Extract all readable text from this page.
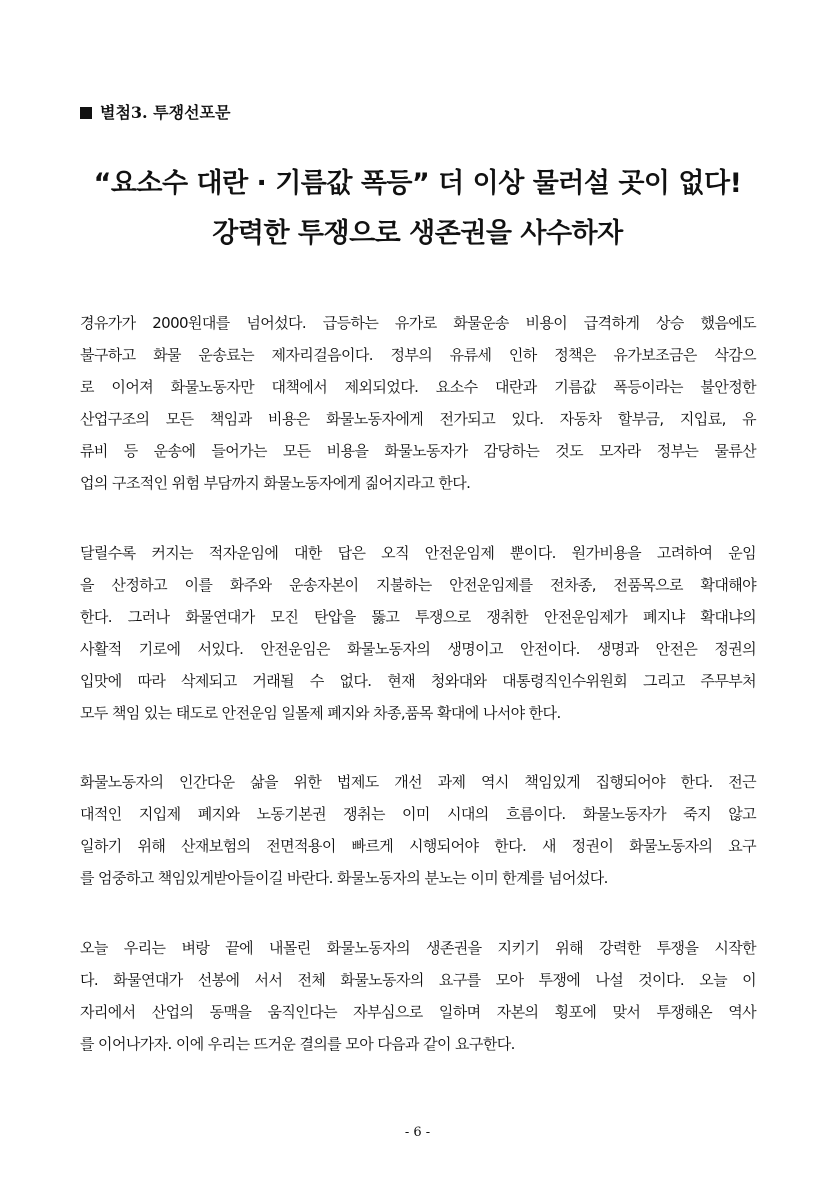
별첨3. 투쟁선포문
“요소수 대란 · 기름값 폭등” 더 이상 물러설 곳이 없다!
강력한 투쟁으로 생존권을 사수하자
경유가가 2000원대를 넘어섰다. 급등하는 유가로 화물운송 비용이 급격하게 상승 했음에도
불구하고 화물 운송료는 제자리걸음이다. 정부의 유류세 인하 정책은 유가보조금은 삭감으
로 이어져 화물노동자만 대책에서 제외되었다. 요소수 대란과 기름값 폭등이라는 불안정한
산업구조의 모든 책임과 비용은 화물노동자에게 전가되고 있다. 자동차 할부금, 지입료, 유
류비 등 운송에 들어가는 모든 비용을 화물노동자가 감당하는 것도 모자라 정부는 물류산
업의 구조적인 위험 부담까지 화물노동자에게 짊어지라고 한다.
달릴수록 커지는 적자운임에 대한 답은 오직 안전운임제 뿐이다. 원가비용을 고려하여 운임
을 산정하고 이를 화주와 운송자본이 지불하는 안전운임제를 전차종, 전품목으로 확대해야
한다. 그러나 화물연대가 모진 탄압을 뚫고 투쟁으로 쟁취한 안전운임제가 폐지냐 확대냐의
사활적 기로에 서있다. 안전운임은 화물노동자의 생명이고 안전이다. 생명과 안전은 정권의
입맛에 따라 삭제되고 거래될 수 없다. 현재 청와대와 대통령직인수위원회 그리고 주무부처
모두 책임 있는 태도로 안전운임 일몰제 폐지와 차종,품목 확대에 나서야 한다.
화물노동자의 인간다운 삶을 위한 법제도 개선 과제 역시 책임있게 집행되어야 한다. 전근
대적인 지입제 폐지와 노동기본권 쟁취는 이미 시대의 흐름이다. 화물노동자가 죽지 않고
일하기 위해 산재보험의 전면적용이 빠르게 시행되어야 한다. 새 정권이 화물노동자의 요구
를 엄중하고 책임있게받아들이길 바란다. 화물노동자의 분노는 이미 한계를 넘어섰다.
오늘 우리는 벼랑 끝에 내몰린 화물노동자의 생존권을 지키기 위해 강력한 투쟁을 시작한
다. 화물연대가 선봉에 서서 전체 화물노동자의 요구를 모아 투쟁에 나설 것이다. 오늘 이
자리에서 산업의 동맥을 움직인다는 자부심으로 일하며 자본의 횡포에 맞서 투쟁해온 역사
를 이어나가자. 이에 우리는 뜨거운 결의를 모아 다음과 같이 요구한다.
- 6 -
